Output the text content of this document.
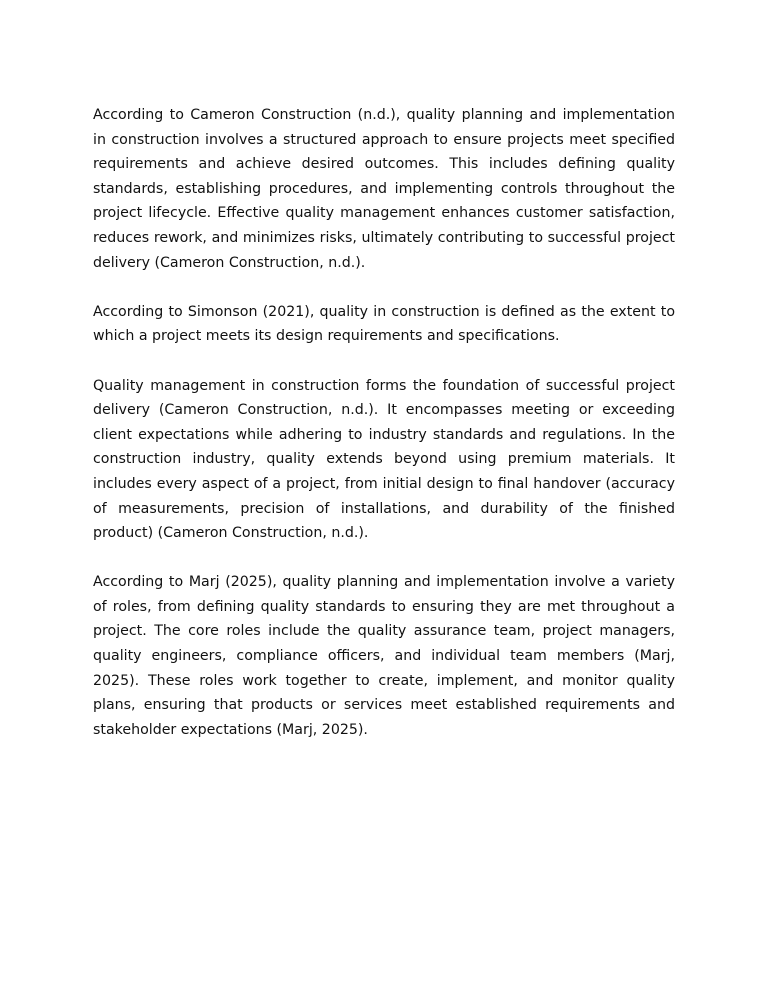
According to Cameron Construction (n.d.), quality planning and implementation in construction involves a structured approach to ensure projects meet specified requirements and achieve desired outcomes. This includes defining quality standards, establishing procedures, and implementing controls throughout the project lifecycle. Effective quality management enhances customer satisfaction, reduces rework, and minimizes risks, ultimately contributing to successful project delivery (Cameron Construction, n.d.).

According to Simonson (2021), quality in construction is defined as the extent to which a project meets its design requirements and specifications.

Quality management in construction forms the foundation of successful project delivery (Cameron Construction, n.d.). It encompasses meeting or exceeding client expectations while adhering to industry standards and regulations. In the construction industry, quality extends beyond using premium materials. It includes every aspect of a project, from initial design to final handover (accuracy of measurements, precision of installations, and durability of the finished product) (Cameron Construction, n.d.).

According to Marj (2025), quality planning and implementation involve a variety of roles, from defining quality standards to ensuring they are met throughout a project. The core roles include the quality assurance team, project managers, quality engineers, compliance officers, and individual team members (Marj, 2025). These roles work together to create, implement, and monitor quality plans, ensuring that products or services meet established requirements and stakeholder expectations (Marj, 2025).
